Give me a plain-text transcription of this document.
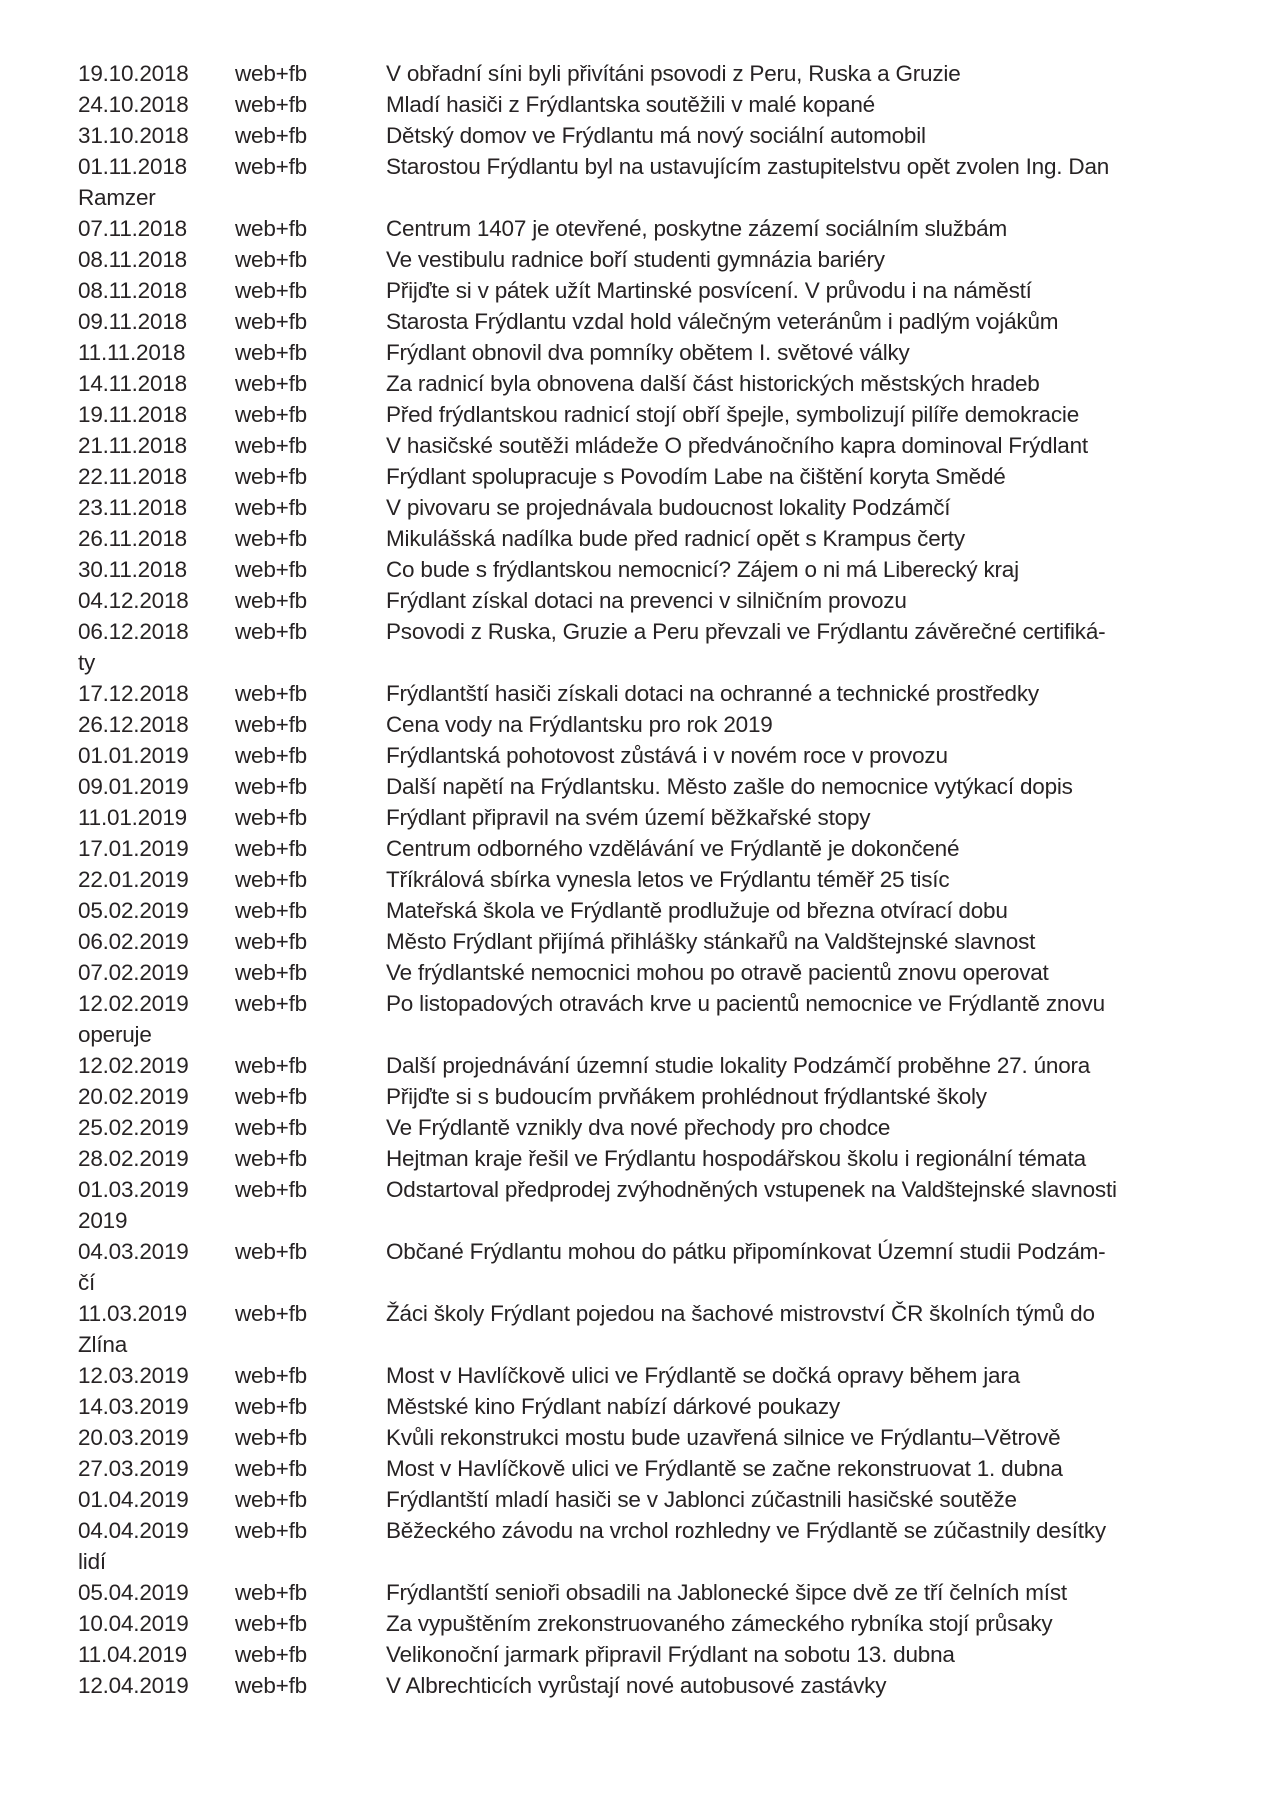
19.10.2018	web+fb	V obřadní síni byli přivítáni psovodi z Peru, Ruska a Gruzie
24.10.2018	web+fb	Mladí hasiči z Frýdlantska soutěžili v malé kopané
31.10.2018	web+fb	Dětský domov ve Frýdlantu má nový sociální automobil
01.11.2018	web+fb	Starostou Frýdlantu byl na ustavujícím zastupitelstvu opět zvolen Ing. Dan
Ramzer
07.11.2018	web+fb	Centrum 1407 je otevřené, poskytne zázemí sociálním službám
08.11.2018	web+fb	Ve vestibulu radnice boří studenti gymnázia bariéry
08.11.2018	web+fb	Přijďte si v pátek užít Martinské posvícení. V průvodu i na náměstí
09.11.2018	web+fb	Starosta Frýdlantu vzdal hold válečným veteránům i padlým vojákům
11.11.2018	web+fb	Frýdlant obnovil dva pomníky obětem I. světové války
14.11.2018	web+fb	Za radnicí byla obnovena další část historických městských hradeb
19.11.2018	web+fb	Před frýdlantskou radnicí stojí obří špejle, symbolizují pilíře demokracie
21.11.2018	web+fb	V hasičské soutěži mládeže O předvánočního kapra dominoval Frýdlant
22.11.2018	web+fb	Frýdlant spolupracuje s Povodím Labe na čištění koryta Smědé
23.11.2018	web+fb	V pivovaru se projednávala budoucnost lokality Podzámčí
26.11.2018	web+fb	Mikulášská nadílka bude před radnicí opět s Krampus čerty
30.11.2018	web+fb	Co bude s frýdlantskou nemocnicí? Zájem o ni má Liberecký kraj
04.12.2018	web+fb	Frýdlant získal dotaci na prevenci v silničním provozu
06.12.2018	web+fb	Psovodi z Ruska, Gruzie a Peru převzali ve Frýdlantu závěrečné certifiká-
ty
17.12.2018	web+fb	Frýdlantští hasiči získali dotaci na ochranné a technické prostředky
26.12.2018	web+fb	Cena vody na Frýdlantsku pro rok 2019
01.01.2019	web+fb	Frýdlantská pohotovost zůstává i v novém roce v provozu
09.01.2019	web+fb	Další napětí na Frýdlantsku. Město zašle do nemocnice vytýkací dopis
11.01.2019	web+fb	Frýdlant připravil na svém území běžkařské stopy
17.01.2019	web+fb	Centrum odborného vzdělávání ve Frýdlantě je dokončené
22.01.2019	web+fb	Tříkrálová sbírka vynesla letos ve Frýdlantu téměř 25 tisíc
05.02.2019	web+fb	Mateřská škola ve Frýdlantě prodlužuje od března otvírací dobu
06.02.2019	web+fb	Město Frýdlant přijímá přihlášky stánkařů na Valdštejnské slavnost
07.02.2019	web+fb	Ve frýdlantské nemocnici mohou po otravě pacientů znovu operovat
12.02.2019	web+fb	Po listopadových otravách krve u pacientů nemocnice ve Frýdlantě znovu
operuje
12.02.2019	web+fb	Další projednávání územní studie lokality Podzámčí proběhne 27. února
20.02.2019	web+fb	Přijďte si s budoucím prvňákem prohlédnout frýdlantské školy
25.02.2019	web+fb	Ve Frýdlantě vznikly dva nové přechody pro chodce
28.02.2019	web+fb	Hejtman kraje řešil ve Frýdlantu hospodářskou školu i regionální témata
01.03.2019	web+fb	Odstartoval předprodej zvýhodněných vstupenek na Valdštejnské slavnosti
2019
04.03.2019	web+fb	Občané Frýdlantu mohou do pátku připomínkovat Územní studii Podzám-
čí
11.03.2019	web+fb	Žáci školy Frýdlant pojedou na šachové mistrovství ČR školních týmů do
Zlína
12.03.2019	web+fb	Most v Havlíčkově ulici ve Frýdlantě se dočká opravy během jara
14.03.2019	web+fb	Městské kino Frýdlant nabízí dárkové poukazy
20.03.2019	web+fb	Kvůli rekonstrukci mostu bude uzavřená silnice ve Frýdlantu–Větrově
27.03.2019	web+fb	Most v Havlíčkově ulici ve Frýdlantě se začne rekonstruovat 1. dubna
01.04.2019	web+fb	Frýdlantští mladí hasiči se v Jablonci zúčastnili hasičské soutěže
04.04.2019	web+fb	Běžeckého závodu na vrchol rozhledny ve Frýdlantě se zúčastnily desítky
lidí
05.04.2019	web+fb	Frýdlantští senioři obsadili na Jablonecké šipce dvě ze tří čelních míst
10.04.2019	web+fb	Za vypuštěním zrekonstruovaného zámeckého rybníka stojí průsaky
11.04.2019	web+fb	Velikonoční jarmark připravil Frýdlant na sobotu 13. dubna
12.04.2019	web+fb	V Albrechticích vyrůstají nové autobusové zastávky
